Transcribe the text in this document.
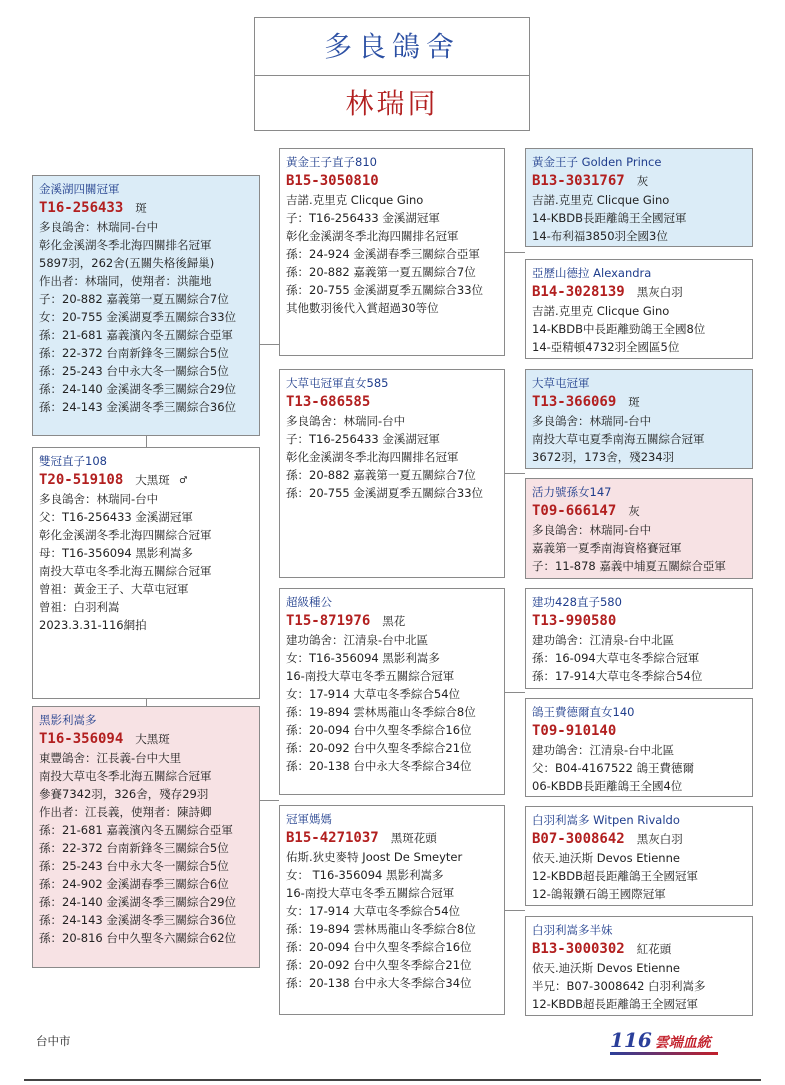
多良鴿舍
林瑞同
雙冠直子108
T20-519108 大黑斑 ♂
多良鴿舍：林瑞同-台中
父：T16-256433 金溪湖冠軍
彰化金溪湖冬季北海四關綜合冠軍
母：T16-356094 黑影利嵩多
南投大草屯冬季北海五關綜合冠軍
曾祖：黃金王子、大草屯冠軍
曾祖：白羽利嵩
2023.3.31-116網拍
金溪湖四關冠軍
T16-256433 斑
多良鴿舍：林瑞同-台中
彰化金溪湖冬季北海四關排名冠軍
5897羽，262舍(五關失格後歸巢)
作出者：林瑞同，使翔者：洪龍地
子：20-882 嘉義第一夏五關綜合7位
女：20-755 金溪湖夏季五關綜合33位
孫：21-681 嘉義濱內冬五關綜合亞軍
孫：22-372 台南新鋒冬三關綜合5位
孫：25-243 台中永大冬一關綜合5位
孫：24-140 金溪湖冬季三關綜合29位
孫：24-143 金溪湖冬季三關綜合36位
黑影利嵩多
T16-356094 大黑斑
東豐鴿舍：江長義-台中大里
南投大草屯冬季北海五關綜合冠軍
參賽7342羽，326舍，殘存29羽
作出者：江長義，使翔者：陳詩卿
孫：21-681 嘉義濱內冬五關綜合亞軍
孫：22-372 台南新鋒冬三關綜合5位
孫：25-243 台中永大冬一關綜合5位
孫：24-902 金溪湖春季三關綜合6位
孫：24-140 金溪湖冬季三關綜合29位
孫：24-143 金溪湖冬季三關綜合36位
孫：20-816 台中久聖冬六關綜合62位
黃金王子直子810
B15-3050810
吉諾.克里克 Clicque Gino
子：T16-256433 金溪湖冠軍
彰化金溪湖冬季北海四關排名冠軍
孫：24-924 金溪湖春季三關綜合亞軍
孫：20-882 嘉義第一夏五關綜合7位
孫：20-755 金溪湖夏季五關綜合33位
其他數羽後代入賞超過30等位
大草屯冠軍直女585
T13-686585
多良鴿舍：林瑞同-台中
子：T16-256433 金溪湖冠軍
彰化金溪湖冬季北海四關排名冠軍
孫：20-882 嘉義第一夏五關綜合7位
孫：20-755 金溪湖夏季五關綜合33位
超級種公
T15-871976 黑花
建功鴿舍：江清泉-台中北區
女：T16-356094 黑影利嵩多
16-南投大草屯冬季五關綜合冠軍
女：17-914 大草屯冬季綜合54位
孫：19-894 雲林馬龍山冬季綜合8位
孫：20-094 台中久聖冬季綜合16位
孫：20-092 台中久聖冬季綜合21位
孫：20-138 台中永大冬季綜合34位
冠軍媽媽
B15-4271037 黑斑花頭
佑斯.狄史麥特 Joost De Smeyter
女： T16-356094 黑影利嵩多
16-南投大草屯冬季五關綜合冠軍
女：17-914 大草屯冬季綜合54位
孫：19-894 雲林馬龍山冬季綜合8位
孫：20-094 台中久聖冬季綜合16位
孫：20-092 台中久聖冬季綜合21位
孫：20-138 台中永大冬季綜合34位
黃金王子 Golden Prince
B13-3031767 灰
吉諾.克里克 Clicque Gino
14-KBDB長距離鴿王全國冠軍
14-布利福3850羽全國3位
亞歷山德拉 Alexandra
B14-3028139 黑灰白羽
吉諾.克里克 Clicque Gino
14-KBDB中長距離勁鴿王全國8位
14-亞精頓4732羽全國區5位
大草屯冠軍
T13-366069 斑
多良鴿舍：林瑞同-台中
南投大草屯夏季南海五關綜合冠軍
3672羽，173舍，殘234羽
活力號孫女147
T09-666147 灰
多良鴿舍：林瑞同-台中
嘉義第一夏季南海資格賽冠軍
子：11-878 嘉義中埔夏五關綜合亞軍
建功428直子580
T13-990580
建功鴿舍：江清泉-台中北區
孫：16-094大草屯冬季綜合冠軍
孫：17-914大草屯冬季綜合54位
鴿王費德爾直女140
T09-910140
建功鴿舍：江清泉-台中北區
父：B04-4167522 鴿王費德爾
06-KBDB長距離鴿王全國4位
白羽利嵩多 Witpen Rivaldo
B07-3008642 黑灰白羽
依天.迪沃斯 Devos Etienne
12-KBDB超長距離鴿王全國冠軍
12-鴿報鑽石鴿王國際冠軍
白羽利嵩多半妹
B13-3000302 紅花頭
依天.迪沃斯 Devos Etienne
半兄：B07-3008642 白羽利嵩多
12-KBDB超長距離鴿王全國冠軍
台中市	116 雲端血統
